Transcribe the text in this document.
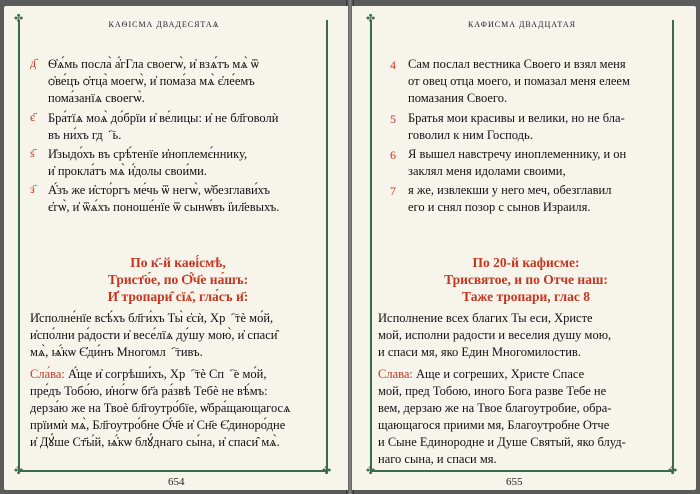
✤
✤	✤
КАѲІСМА ДВАДЕСЯТАѦ
д҃ Ѳ҆ѧ́мь посла̀ а҆́гГла своегѡ̀, и҆ взѧ́тъ мѧ̀ ѿ
ѻ҆ве́цъ ѻ҆тца̀ моегѡ̀, и҆ пома́за мѧ̀ є҆ле́емъ
пома́занїѧ своегѡ̀.
є҃ Бра́тїѧ моѧ̀ до́брїи и҆ ве́лицы: и҆ не бл҃говолѝ
въ ни́хъ гдⷭ҇ь.
ѕ҃ И҆зыдо́хъ въ срѣ́тенїе и҆ноплемє́ннику,
и҆ прокла́тъ мѧ̀ и҆́долы свои́ми.
з҃ А҆́зъ же и҆сто́ргъ ме́чь ѿ негѡ̀, ѡ҆безглави́хъ
є҆гѡ̀, и҆ ѿѧ́хъ поноше́нїе ѿ сынѡ́въ і҆ил҃евыхъ.
По к҃-й каѳі́смѣ,
Трист҃о́е, по Ѻ҆́ч҃е на́шъ:
И҆ тропари̑ сїѧ̑, гла́съ и҃:
И҆сполне́нїе всѣ́хъ бл҃ги́хъ Ты̀ є҆сѝ, Хрⷭ҇тѐ мо́й,
и҆спо́лни ра́дости и҆ весе́лїѧ ду́шу мою̀, и҆ спаси̑
мѧ̀, ѩ҆́кѡ Є҆ди́нъ Многомлⷭ҇тивъ.
Сла́ва: А҆́ще и҆ согрѣши́хъ, Хрⷭ҇тѐ Спⷭ҇е мо́й,
пре́дъ Тобо́ю, и҆но́гѡ бг҃а ра́звѣ Тебѐ не вѣ́мъ:
дерза́ю же на Твоѐ бл҃гоутро́бїе, ѡ҆бра́щающагосѧ
прїимѝ мѧ̀, Бл҃гоутро́бне Ѻ҆́ч҃е и҆ Сн҃е Є҆диноро́дне
и҆ Дꙋ́ше Ст҃ы́й, ѩ҆́кѡ блꙋ́днаго сы́на, и҆ спаси̑ мѧ̀.
654
✤
✤	✤
КАФИСМА ДВАДЦАТАЯ
4 Сам послал вестника Своего и взял меня
от овец отца моего, и помазал меня елеем
помазания Своего.
5 Братья мои красивы и велики, но не бла-
говолил к ним Господь.
6 Я вышел навстречу иноплеменнику, и он
заклял меня идолами своими,
7 я же, извлекши у него меч, обезглавил
его и снял позор с сынов Израиля.
По 20-й кафисме:
Трисвятое, и по Отче наш:
Таже тропари, глас 8
Исполнение всех благих Ты еси, Христе
мой, исполни радости и веселия душу мою,
и спаси мя, яко Един Многомилостив.
Слава: Аще и согреших, Христе Спасе
мой, пред Тобою, иного Бога разве Тебе не
вем, дерзаю же на Твое благоутробие, обра-
щающагося приими мя, Благоутробне Отче
и Сыне Единородне и Душе Святый, яко блуд-
наго сына, и спаси мя.
655
